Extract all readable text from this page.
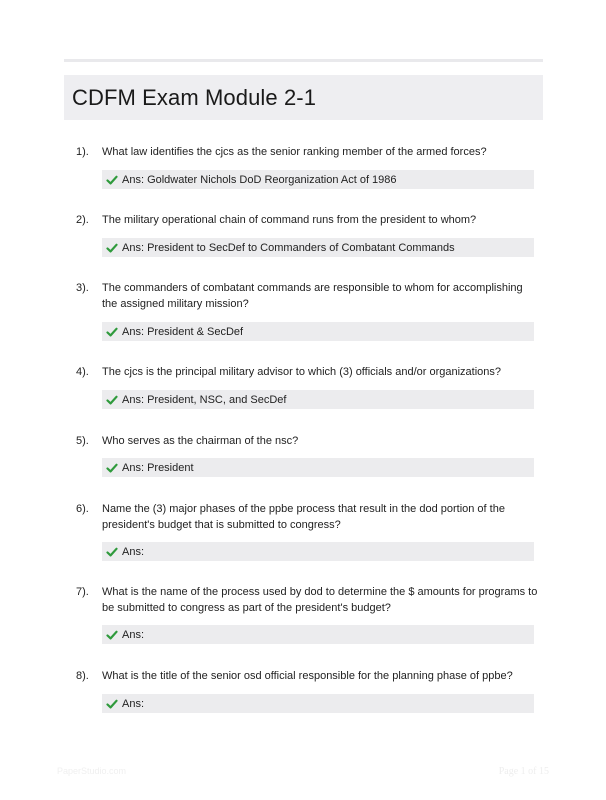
CDFM Exam Module 2-1
1). What law identifies the cjcs as the senior ranking member of the armed forces?
Ans: Goldwater Nichols DoD Reorganization Act of 1986
2). The military operational chain of command runs from the president to whom?
Ans: President to SecDef to Commanders of Combatant Commands
3). The commanders of combatant commands are responsible to whom for accomplishing the assigned military mission?
Ans: President & SecDef
4). The cjcs is the principal military advisor to which (3) officials and/or organizations?
Ans: President, NSC, and SecDef
5). Who serves as the chairman of the nsc?
Ans: President
6). Name the (3) major phases of the ppbe process that result in the dod portion of the president's budget that is submitted to congress?
Ans:
7). What is the name of the process used by dod to determine the $ amounts for programs to be submitted to congress as part of the president's budget?
Ans:
8). What is the title of the senior osd official responsible for the planning phase of ppbe?
Ans:
PaperStudio.com	Page 1 of 15
